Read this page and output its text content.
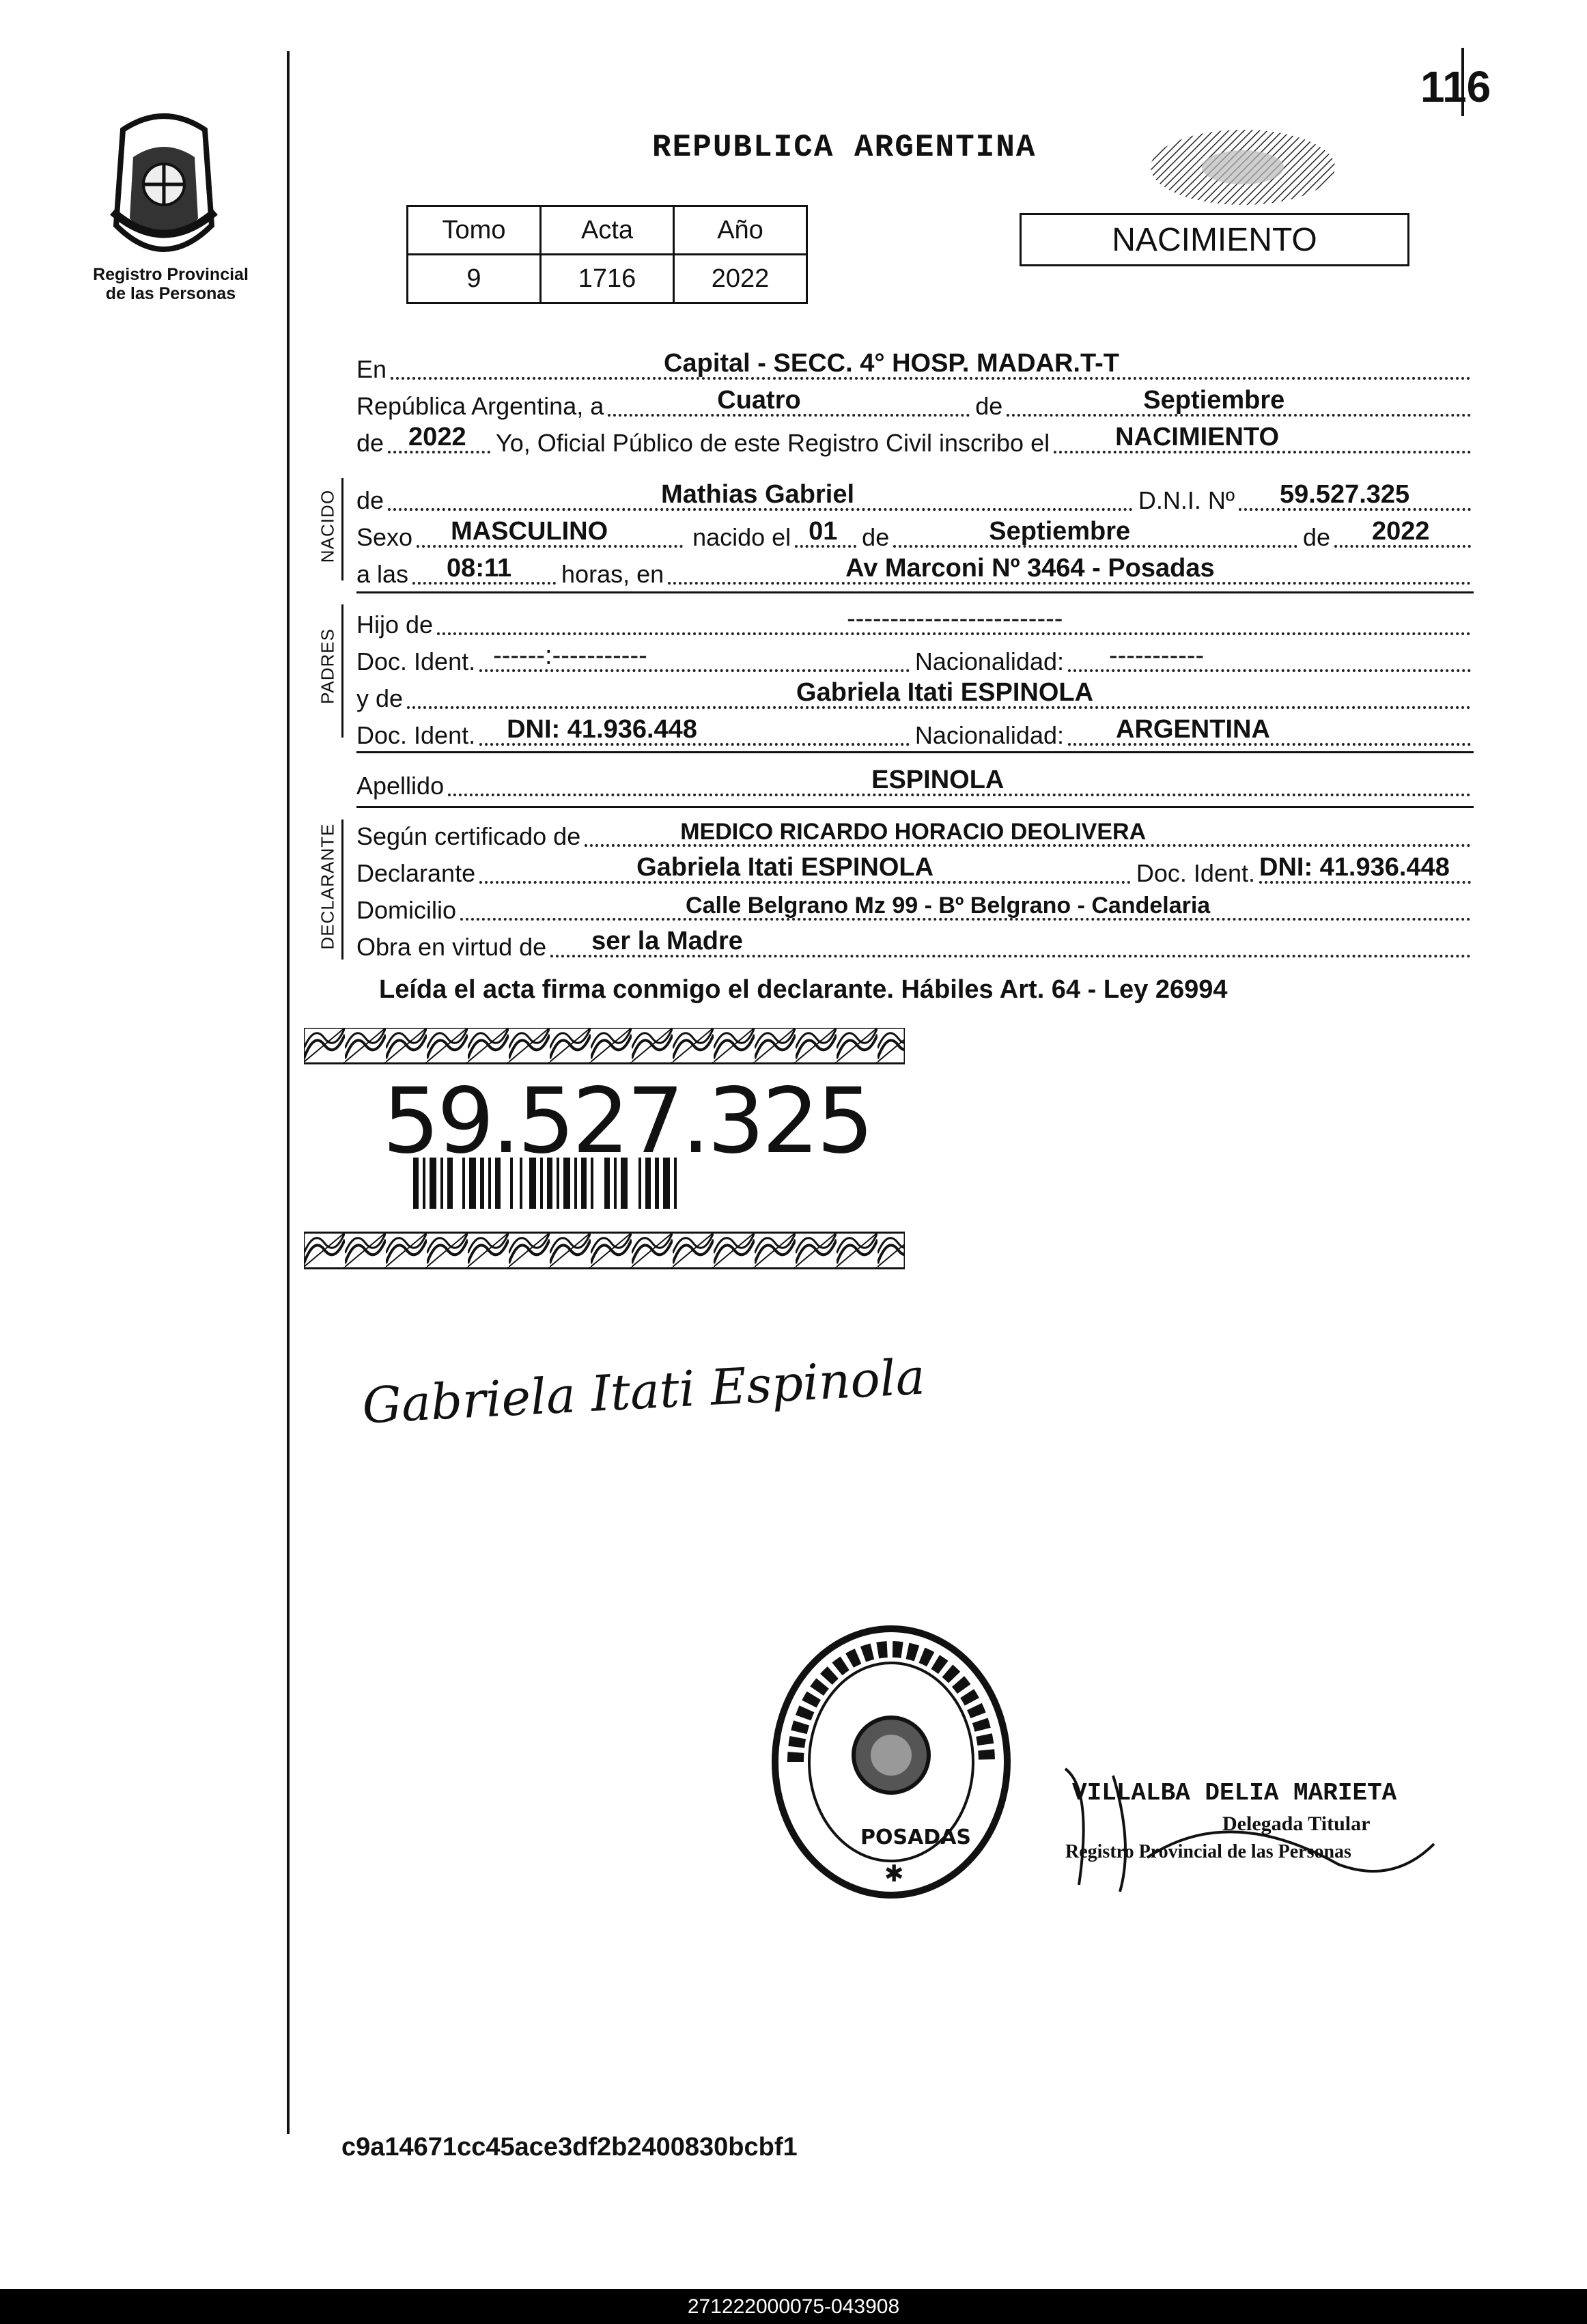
116
Registro Provincial
de las Personas
REPUBLICA ARGENTINA
Tomo	Acta	Año
9	1716	2022
NACIMIENTO
En	Capital - SECC. 4° HOSP. MADAR.T-T
República Argentina, a	Cuatro	de	Septiembre
de 2022 Yo, Oficial Público de este Registro Civil inscribo el	NACIMIENTO
NACIDO de	Mathias Gabriel	D.N.I. Nº 59.527.325
Sexo MASCULINO	nacido el 01 de	Septiembre	de 2022
a las 08:11 horas, en	Av Marconi Nº 3464 - Posadas
PADRES
Hijo de	-------------------------
Doc. Ident. ------:-----------	Nacionalidad: -----------
y de	Gabriela Itati ESPINOLA
Doc. Ident. DNI: 41.936.448	Nacionalidad: ARGENTINA
Apellido	ESPINOLA
DECLARANTE Según certificado de	MEDICO RICARDO HORACIO DEOLIVERA
Declarante	Gabriela Itati ESPINOLA	Doc. Ident. DNI: 41.936.448
Domicilio	Calle Belgrano Mz 99 - Bº Belgrano - Candelaria
Obra en virtud de ser la Madre
Leída el acta firma conmigo el declarante. Hábiles Art. 64 - Ley 26994
59.527.325
Gabriela Itati Espinola
POSADAS
✱
VILLALBA DELIA MARIETA
Delegada Titular
Registro Provincial de las Personas
c9a14671cc45ace3df2b2400830bcbf1
271222000075-043908
